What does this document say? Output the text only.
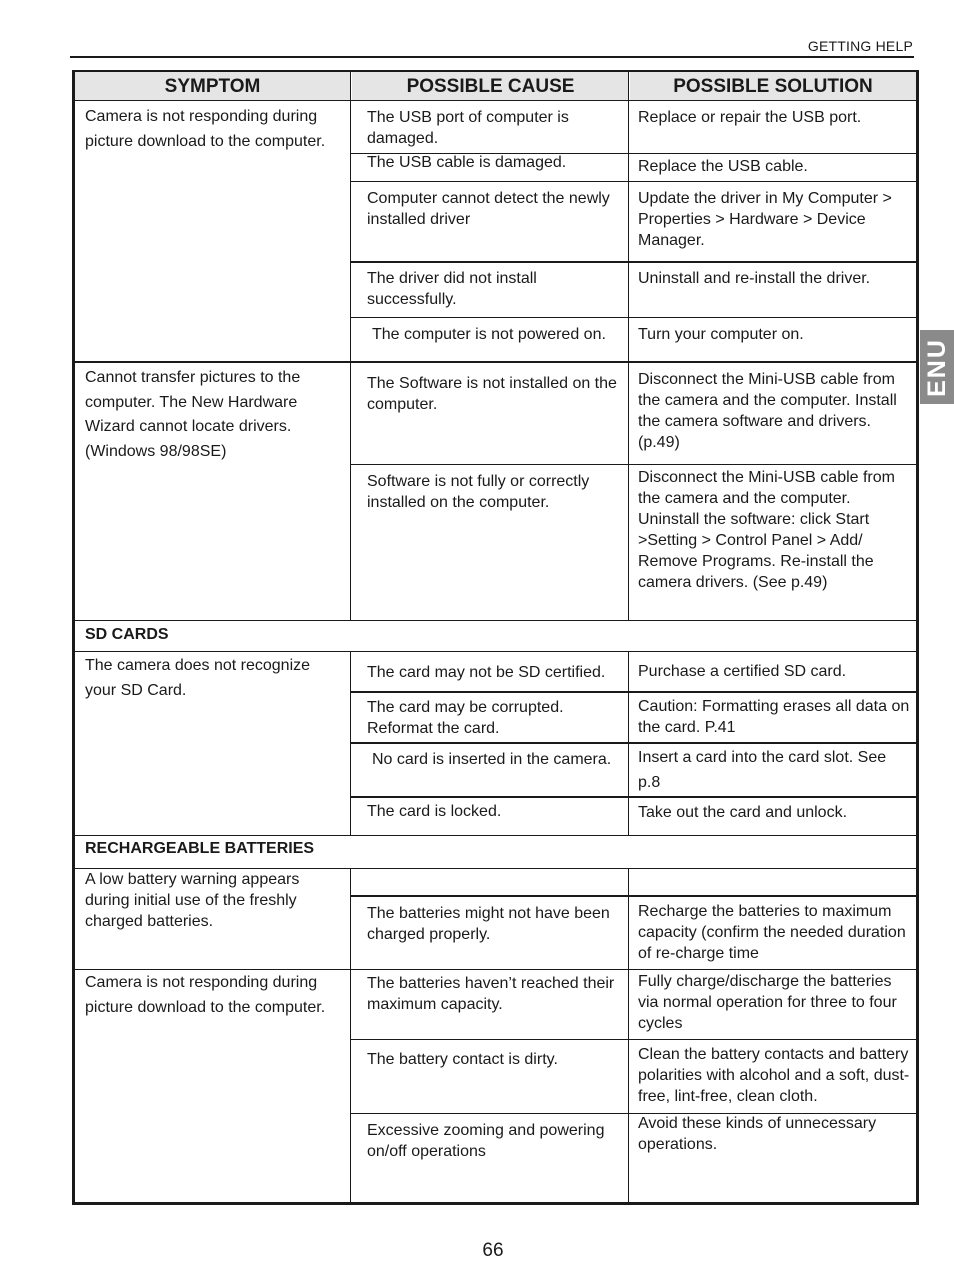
GETTING HELP
ENU
SYMPTOM	POSSIBLE CAUSE	POSSIBLE SOLUTION
Camera is not responding during picture download to the computer.
Cannot transfer pictures to the computer. The New Hardware Wizard cannot locate drivers. (Windows 98/98SE)
The camera does not recognize your SD Card.
A low battery warning appears during initial use of the freshly charged batteries.
Camera is not responding during picture download to the computer.
SD CARDS
RECHARGEABLE BATTERIES
The USB port of computer is damaged.
The USB cable is damaged.
Computer cannot detect the newly installed driver
The driver did not install successfully.
The computer is not powered on.
The Software is not installed on the computer.
Software is not fully or correctly installed on the computer.
The card may not be SD certified.
The card may be corrupted. Reformat the card.
No card is inserted in the camera.
The card is locked.
The batteries might not have been charged properly.
The batteries haven’t reached their maximum capacity.
The battery contact is dirty.
Excessive zooming and powering on/off operations
Replace or repair the USB port.
Replace the USB cable.
Update the driver in My Computer > Properties > Hardware > Device Manager.
Uninstall and re-install the driver.
Turn your computer on.
Disconnect the Mini-USB cable from the camera and the computer. Install the camera software and drivers. (p.49)
Disconnect the Mini-USB cable from the camera and the computer. Uninstall the software: click Start >Setting > Control Panel > Add/ Remove Programs. Re-install the camera drivers. (See p.49)
Purchase a certified SD card.
Caution: Formatting erases all data on the card. P.41
Insert a card into the card slot. See p.8
Take out the card and unlock.
Recharge the batteries to maximum capacity (confirm the needed duration of re-charge time
Fully charge/discharge the batteries via normal operation for three to four cycles
Clean the battery contacts and battery polarities with alcohol and a soft, dust-free, lint-free, clean cloth.
Avoid these kinds of unnecessary operations.
66
